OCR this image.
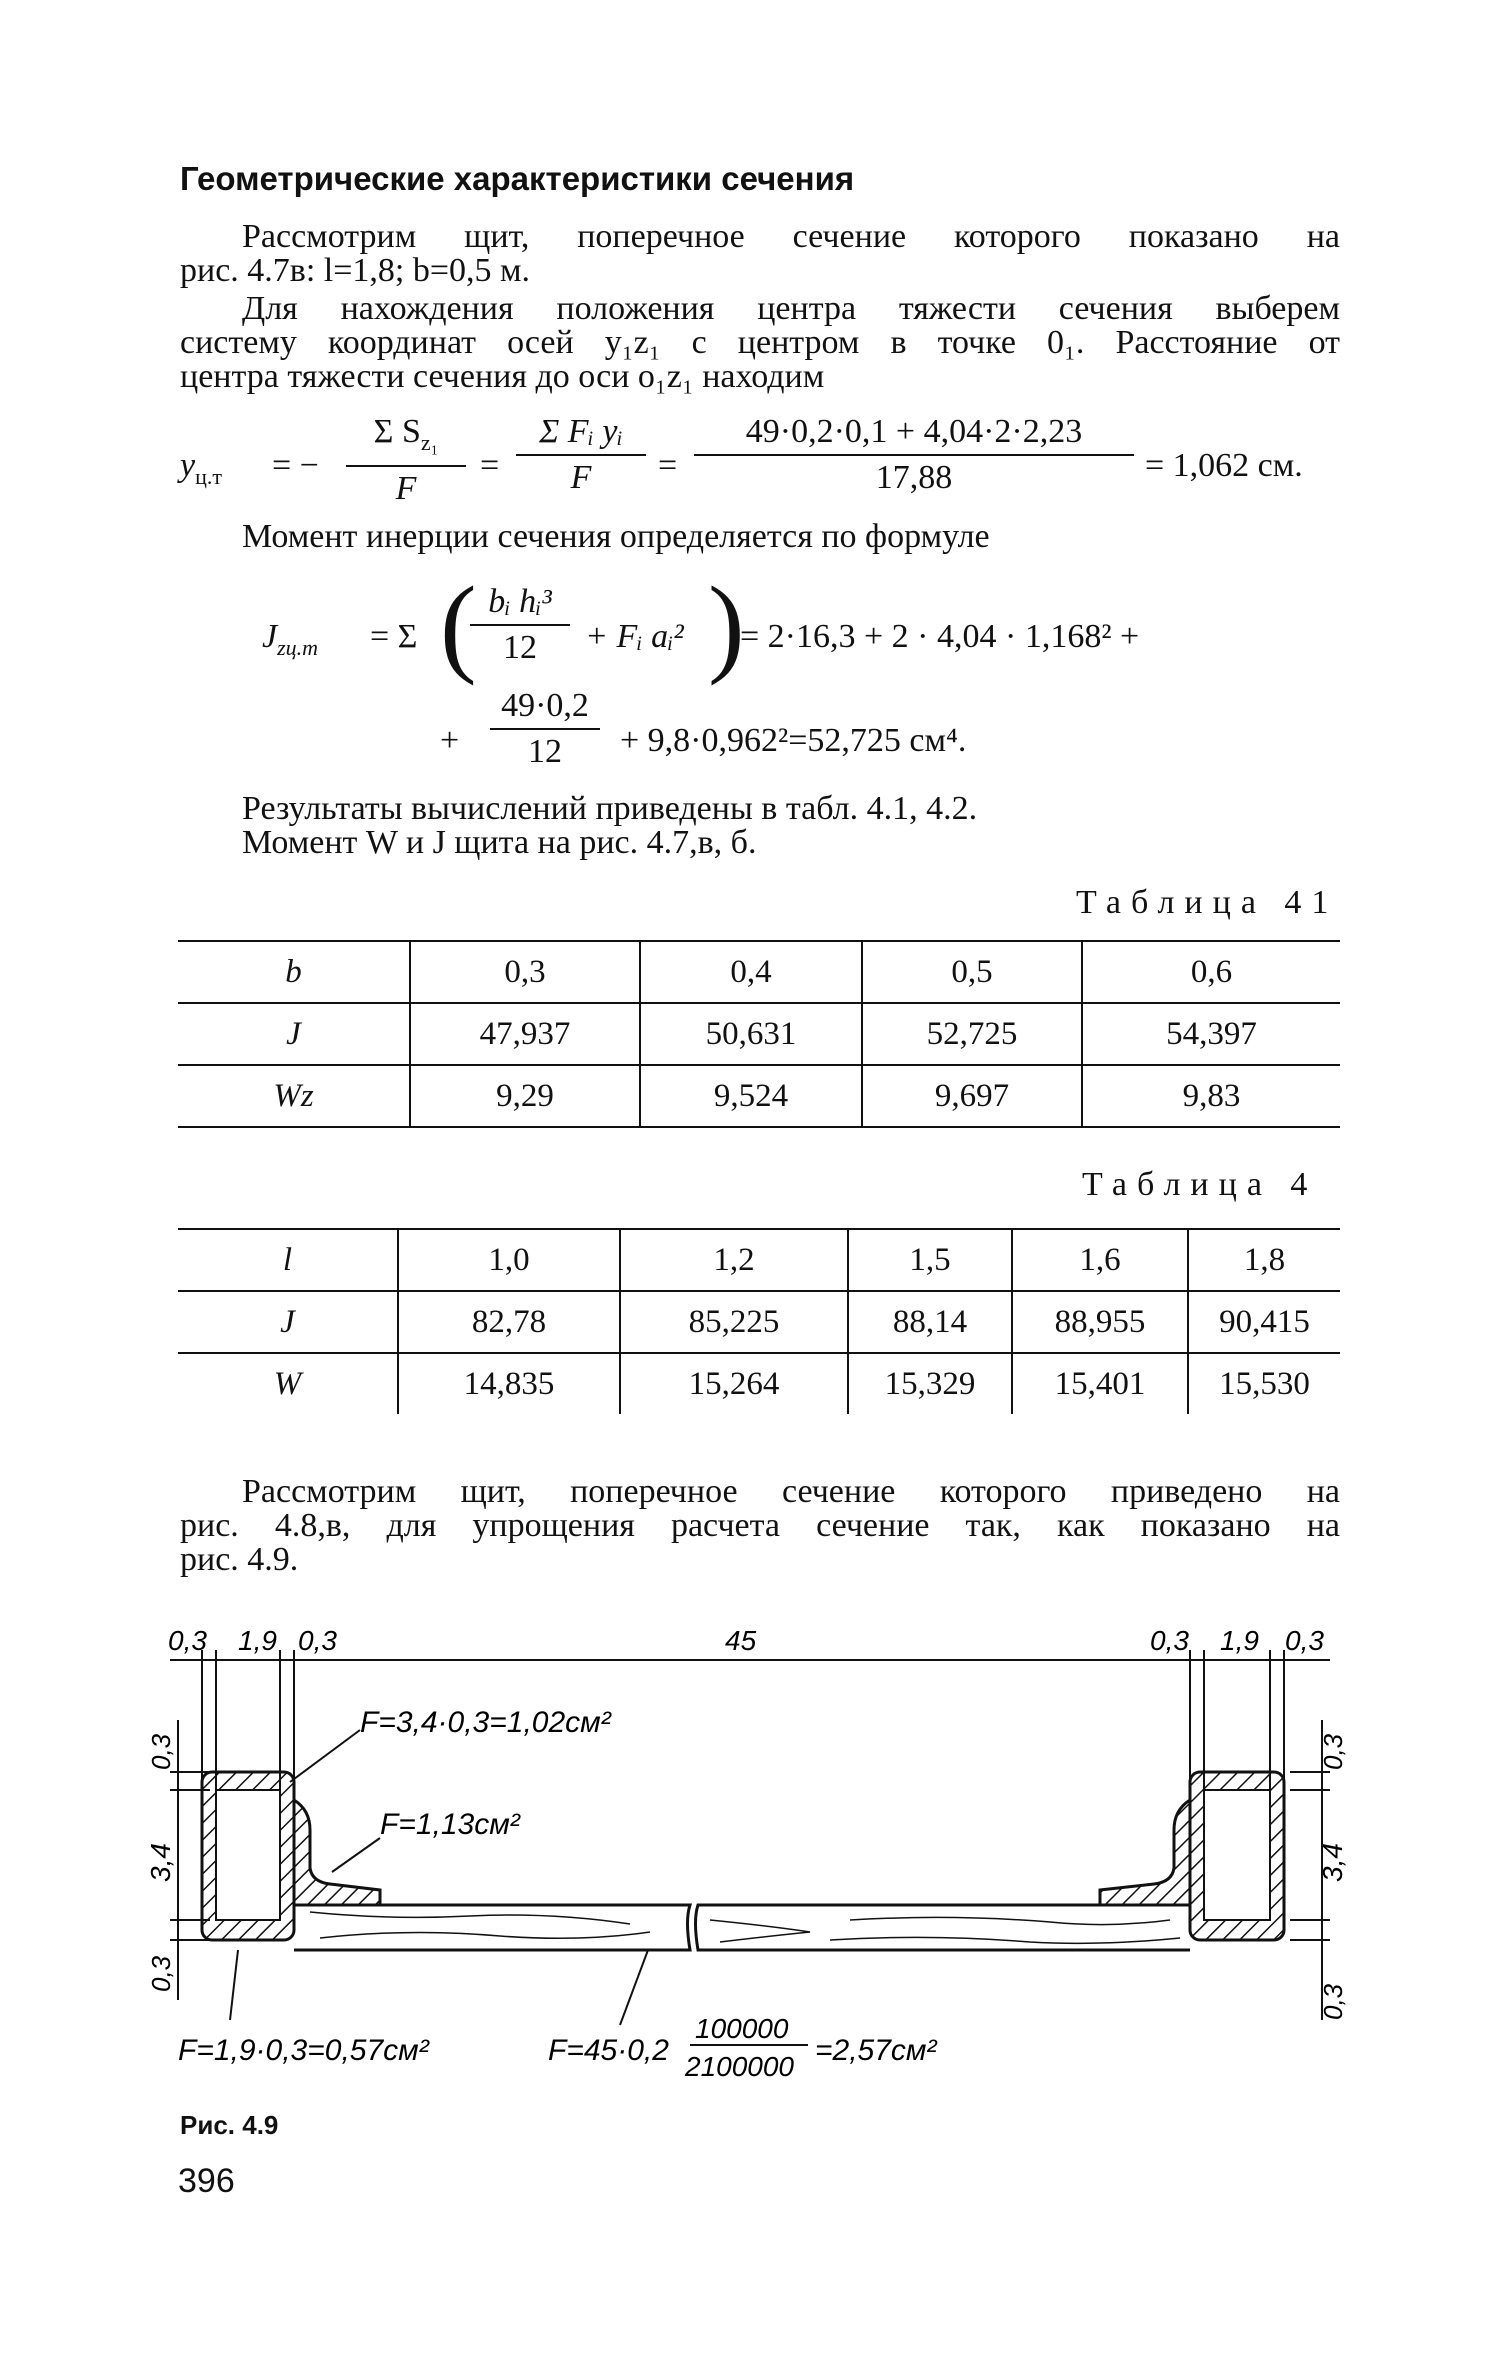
Геометрические характеристики сечения
Рассмотрим щит, поперечное сечение которого показано на
рис. 4.7в: l=1,8; b=0,5 м.
Для нахождения положения центра тяжести сечения выберем
систему координат осей y₁z₁ с центром в точке 0₁. Расстояние от
центра тяжести сечения до оси o₁z₁ находим
$y_{ц.т}$ = −
Σ $S_{z_1}$
F
=
Σ Fᵢ yᵢ
F	=
49·0,2·0,1 + 4,04·2·2,23
17,88	= 1,062 см.
Момент инерции сечения определяется по формуле
$J_{zц.т} = \Sigma$ ( bᵢ hᵢ³
12	+ Fᵢ aᵢ² )
= 2·16,3 + 2 · 4,04 · 1,168² +
+
49·0,2
12	+ 9,8·0,962²=52,725 см⁴.
Результаты вычислений приведены в табл. 4.1, 4.2.
Момент W и J щита на рис. 4.7,в, б.
Таблица 41
b	0,3	0,4	0,5	0,6
J	47,937	50,631	52,725	54,397
Wz	9,29	9,524	9,697	9,83
Таблица 4
l	1,0	1,2	1,5	1,6	1,8
J	82,78	85,225	88,14	88,955	90,415
W	14,835	15,264	15,329	15,401	15,530
Рассмотрим щит, поперечное сечение которого приведено на
рис. 4.8,в, для упрощения расчета сечение так, как показано на
рис. 4.9.
0,3 1,9 0,3	45	0,3 1,9 0,3
0,3
3,4
0,3
0,3
3,4
0,3
F=3,4·0,3=1,02см²
F=1,13см²
F=1,9·0,3=0,57см²	F=45·0,2
100000
2100000 =2,57см²
Рис. 4.9
396
